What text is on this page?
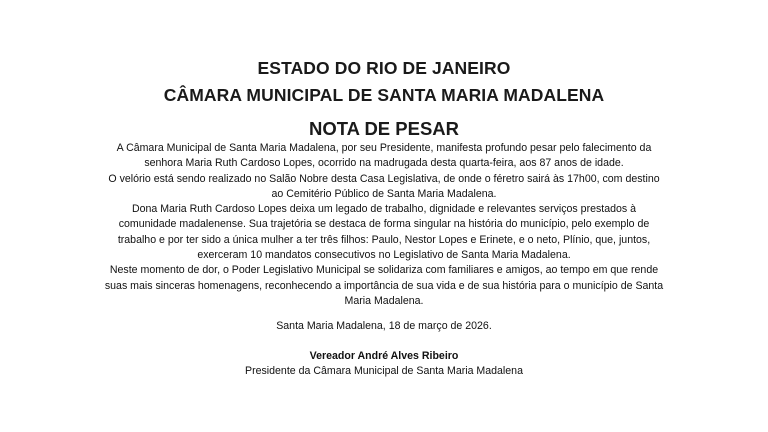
ESTADO DO RIO DE JANEIRO
CÂMARA MUNICIPAL DE SANTA MARIA MADALENA
NOTA DE PESAR

A Câmara Municipal de Santa Maria Madalena, por seu Presidente, manifesta profundo pesar pelo falecimento da senhora Maria Ruth Cardoso Lopes, ocorrido na madrugada desta quarta-feira, aos 87 anos de idade.

O velório está sendo realizado no Salão Nobre desta Casa Legislativa, de onde o féretro sairá às 17h00, com destino ao Cemitério Público de Santa Maria Madalena.

Dona Maria Ruth Cardoso Lopes deixa um legado de trabalho, dignidade e relevantes serviços prestados à comunidade madalenense. Sua trajetória se destaca de forma singular na história do município, pelo exemplo de trabalho e por ter sido a única mulher a ter três filhos: Paulo, Nestor Lopes e Erinete, e o neto, Plínio, que, juntos, exerceram 10 mandatos consecutivos no Legislativo de Santa Maria Madalena.

Neste momento de dor, o Poder Legislativo Municipal se solidariza com familiares e amigos, ao tempo em que rende suas mais sinceras homenagens, reconhecendo a importância de sua vida e de sua história para o município de Santa Maria Madalena.

Santa Maria Madalena, 18 de março de 2026.
Vereador André Alves Ribeiro
Presidente da Câmara Municipal de Santa Maria Madalena
